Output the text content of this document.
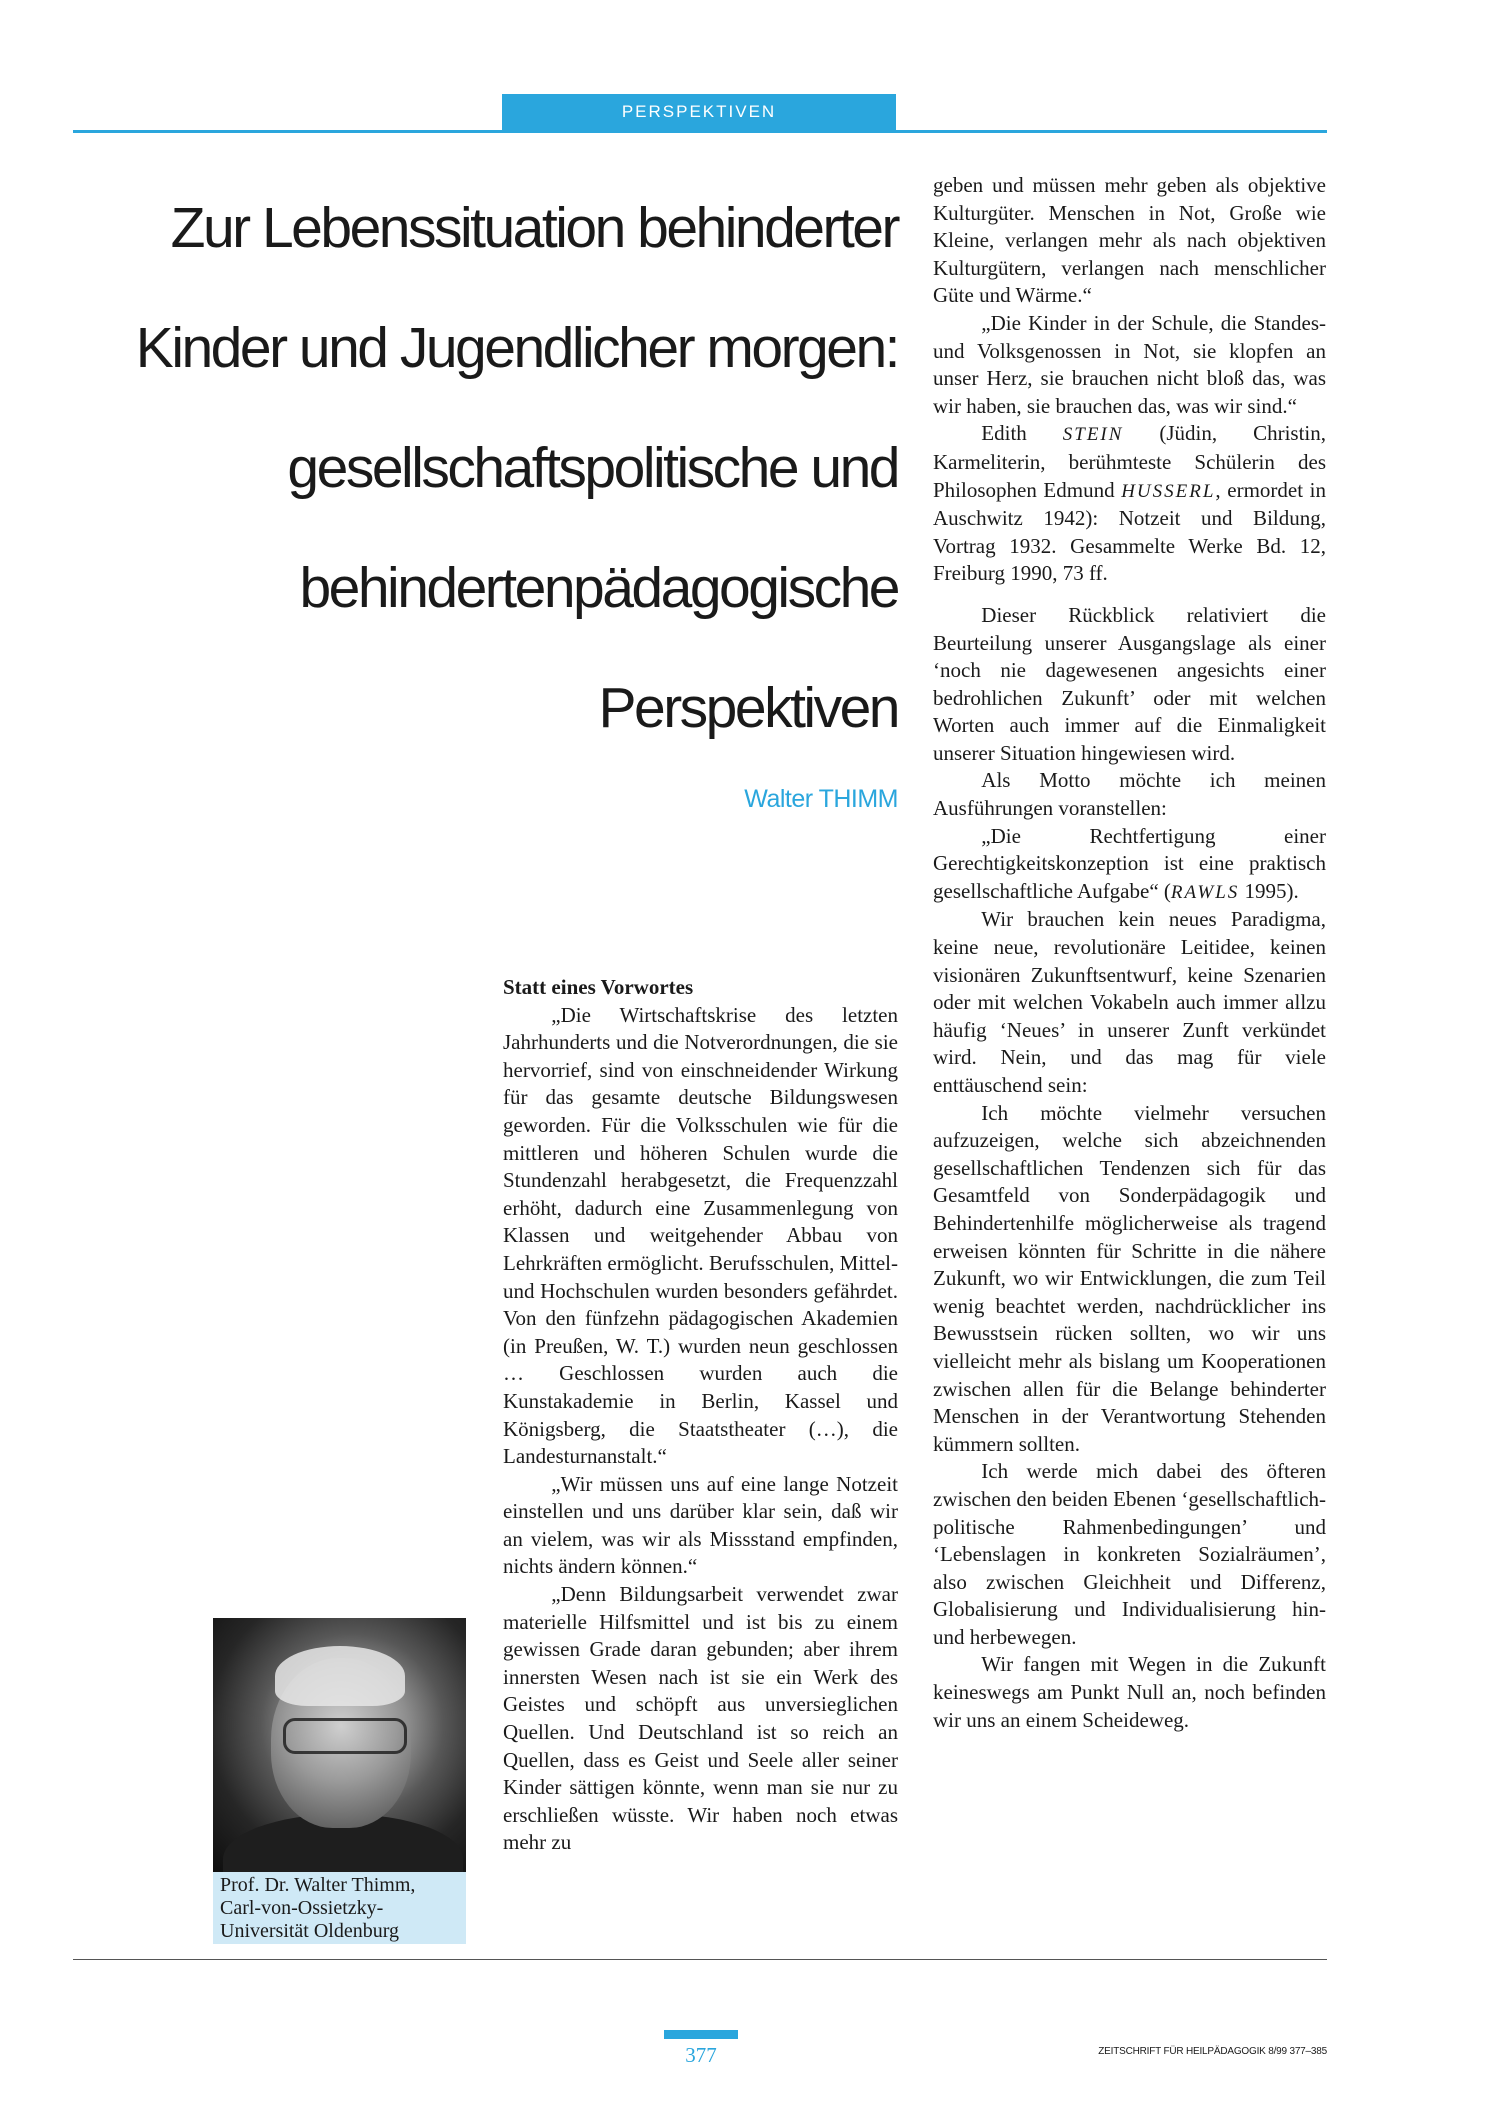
PERSPEKTIVEN
Zur Lebenssituation behinderter
Kinder und Jugendlicher morgen:
gesellschaftspolitische und
behindertenpädagogische
Perspektiven
Walter THIMM

Statt eines Vorwortes

„Die Wirtschaftskrise des letzten Jahrhunderts und die Notverordnungen, die sie hervorrief, sind von einschneidender Wirkung für das gesamte deutsche Bildungswesen geworden. Für die Volksschulen wie für die mittleren und höheren Schulen wurde die Stundenzahl herabgesetzt, die Frequenzzahl erhöht, dadurch eine Zusammenlegung von Klassen und weitgehender Abbau von Lehrkräften ermöglicht. Berufsschulen, Mittel- und Hochschulen wurden besonders gefährdet. Von den fünfzehn pädagogischen Akademien (in Preußen, W. T.) wurden neun geschlossen … Geschlossen wurden auch die Kunstakademie in Berlin, Kassel und Königsberg, die Staatstheater (…), die Landesturnanstalt.“

„Wir müssen uns auf eine lange Notzeit einstellen und uns darüber klar sein, daß wir an vielem, was wir als Missstand empfinden, nichts ändern können.“

„Denn Bildungsarbeit verwendet zwar materielle Hilfsmittel und ist bis zu einem gewissen Grade daran gebunden; aber ihrem innersten Wesen nach ist sie ein Werk des Geistes und schöpft aus unversieglichen Quellen. Und Deutschland ist so reich an Quellen, dass es Geist und Seele aller seiner Kinder sättigen könnte, wenn man sie nur zu erschließen wüsste. Wir haben noch etwas mehr zu

geben und müssen mehr geben als objektive Kulturgüter. Menschen in Not, Große wie Kleine, verlangen mehr als nach objektiven Kulturgütern, verlangen nach menschlicher Güte und Wärme.“

„Die Kinder in der Schule, die Standes- und Volksgenossen in Not, sie klopfen an unser Herz, sie brauchen nicht bloß das, was wir haben, sie brauchen das, was wir sind.“

Edith STEIN (Jüdin, Christin, Karmeliterin, berühmteste Schülerin des Philosophen Edmund HUSSERL, ermordet in Auschwitz 1942): Notzeit und Bildung, Vortrag 1932. Gesammelte Werke Bd. 12, Freiburg 1990, 73 ff.

Dieser Rückblick relativiert die Beurteilung unserer Ausgangslage als einer ‘noch nie dagewesenen angesichts einer bedrohlichen Zukunft’ oder mit welchen Worten auch immer auf die Einmaligkeit unserer Situation hingewiesen wird.

Als Motto möchte ich meinen Ausführungen voranstellen:

„Die Rechtfertigung einer Gerechtigkeitskonzeption ist eine praktisch gesellschaftliche Aufgabe“ (RAWLS 1995).

Wir brauchen kein neues Paradigma, keine neue, revolutionäre Leitidee, keinen visionären Zukunftsentwurf, keine Szenarien oder mit welchen Vokabeln auch immer allzu häufig ‘Neues’ in unserer Zunft verkündet wird. Nein, und das mag für viele enttäuschend sein:

Ich möchte vielmehr versuchen aufzuzeigen, welche sich abzeichnenden gesellschaftlichen Tendenzen sich für das Gesamtfeld von Sonderpädagogik und Behindertenhilfe möglicherweise als tragend erweisen könnten für Schritte in die nähere Zukunft, wo wir Entwicklungen, die zum Teil wenig beachtet werden, nachdrücklicher ins Bewusstsein rücken sollten, wo wir uns vielleicht mehr als bislang um Kooperationen zwischen allen für die Belange behinderter Menschen in der Verantwortung Stehenden kümmern sollten.

Ich werde mich dabei des öfteren zwischen den beiden Ebenen ‘gesellschaftlich-politische Rahmenbedingungen’ und ‘Lebenslagen in konkreten Sozialräumen’, also zwischen Gleichheit und Differenz, Globalisierung und Individualisierung hin- und herbewegen.

Wir fangen mit Wegen in die Zukunft keineswegs am Punkt Null an, noch befinden wir uns an einem Scheideweg.

Prof. Dr. Walter Thimm,
Carl-von-Ossietzky-
Universität Oldenburg
377	ZEITSCHRIFT FÜR HEILPÄDAGOGIK 8/99 377–385
